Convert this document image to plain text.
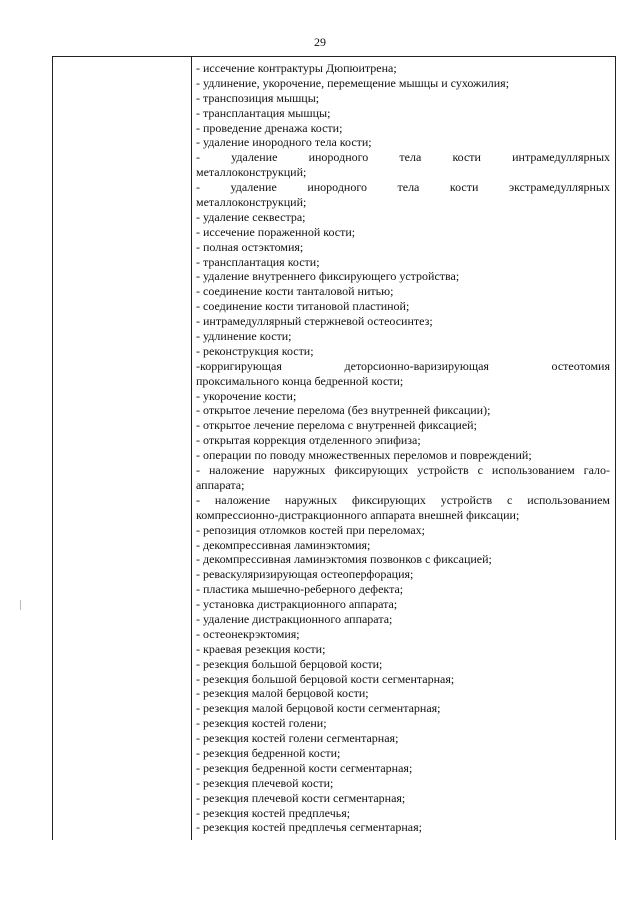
29
- иссечение контрактуры Дюпюитрена;
- удлинение, укорочение, перемещение мышцы и сухожилия;
- транспозиция мышцы;
- трансплантация мышцы;
- проведение дренажа кости;
- удаление инородного тела кости;
- удаление инородного тела кости интрамедуллярных
металлоконструкций;
- удаление инородного тела кости экстрамедуллярных
металлоконструкций;
- удаление секвестра;
- иссечение пораженной кости;
- полная остэктомия;
- трансплантация кости;
- удаление внутреннего фиксирующего устройства;
- соединение кости танталовой нитью;
- соединение кости титановой пластиной;
- интрамедуллярный стержневой остеосинтез;
- удлинение кости;
- реконструкция кости;
-корригирующая деторсионно-варизирующая остеотомия
проксимального конца бедренной кости;
- укорочение кости;
- открытое лечение перелома (без внутренней фиксации);
- открытое лечение перелома с внутренней фиксацией;
- открытая коррекция отделенного эпифиза;
- операции по поводу множественных переломов и повреждений;
- наложение наружных фиксирующих устройств с использованием гало-
аппарата;
- наложение наружных фиксирующих устройств с использованием
компрессионно-дистракционного аппарата внешней фиксации;
- репозиция отломков костей при переломах;
- декомпрессивная ламинэктомия;
- декомпрессивная ламинэктомия позвонков с фиксацией;
- реваскуляризирующая остеоперфорация;
- пластика мышечно-реберного дефекта;
- установка дистракционного аппарата;
- удаление дистракционного аппарата;
- остеонекрэктомия;
- краевая резекция кости;
- резекция большой берцовой кости;
- резекция большой берцовой кости сегментарная;
- резекция малой берцовой кости;
- резекция малой берцовой кости сегментарная;
- резекция костей голени;
- резекция костей голени сегментарная;
- резекция бедренной кости;
- резекция бедренной кости сегментарная;
- резекция плечевой кости;
- резекция плечевой кости сегментарная;
- резекция костей предплечья;
- резекция костей предплечья сегментарная;
